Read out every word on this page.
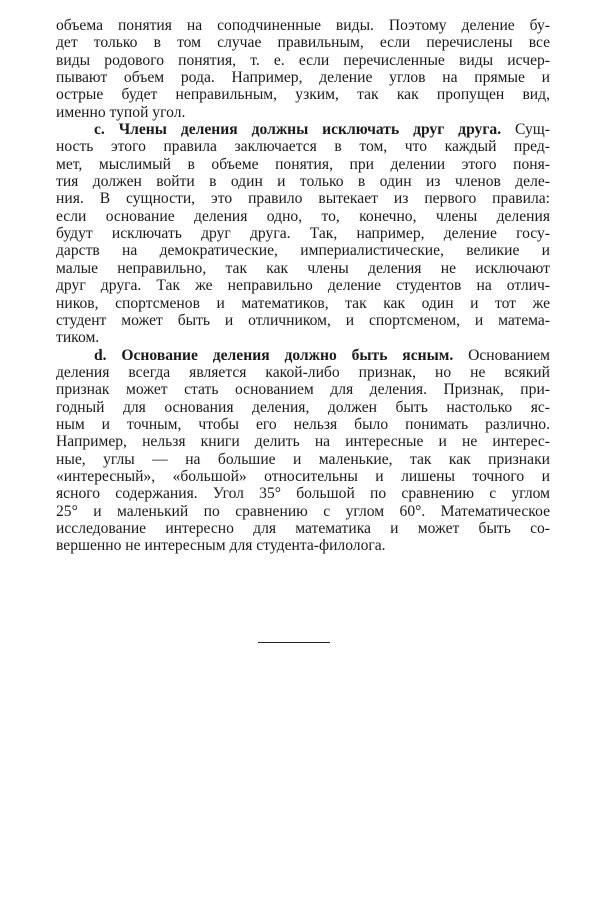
объема понятия на соподчиненные виды. Поэтому деление бу-
дет только в том случае правильным, если перечислены все
виды родового понятия, т. е. если перечисленные виды исчер-
пывают объем рода. Например, деление углов на прямые и
острые будет неправильным, узким, так как пропущен вид,
именно тупой угол.
с. Члены деления должны исключать друг друга. Сущ-
ность этого правила заключается в том, что каждый пред-
мет, мыслимый в объеме понятия, при делении этого поня-
тия должен войти в один и только в один из членов деле-
ния. В сущности, это правило вытекает из первого правила:
если основание деления одно, то, конечно, члены деления
будут исключать друг друга. Так, например, деление госу-
дарств на демократические, империалистические, великие и
малые неправильно, так как члены деления не исключают
друг друга. Так же неправильно деление студентов на отлич-
ников, спортсменов и математиков, так как один и тот же
студент может быть и отличником, и спортсменом, и матема-
тиком.
d. Основание деления должно быть ясным. Основанием
деления всегда является какой-либо признак, но не всякий
признак может стать основанием для деления. Признак, при-
годный для основания деления, должен быть настолько яс-
ным и точным, чтобы его нельзя было понимать различно.
Например, нельзя книги делить на интересные и не интерес-
ные, углы — на большие и маленькие, так как признаки
«интересный», «большой» относительны и лишены точного и
ясного содержания. Угол 35° большой по сравнению с углом
25° и маленький по сравнению с углом 60°. Математическое
исследование интересно для математика и может быть со-
вершенно не интересным для студента-филолога.
